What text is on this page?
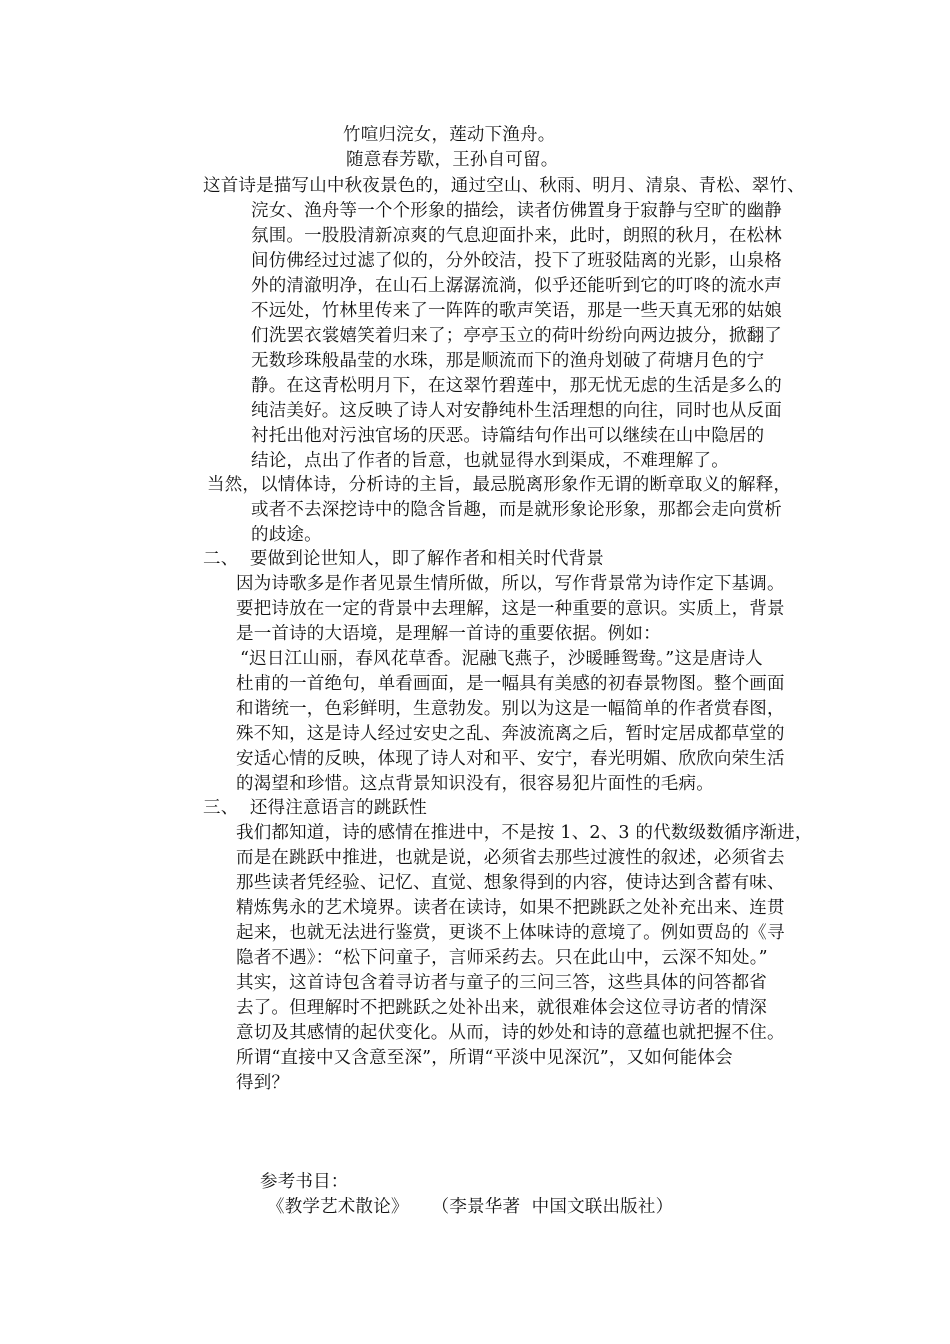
竹喧归浣女，莲动下渔舟。
随意春芳歇，王孙自可留。
这首诗是描写山中秋夜景色的，通过空山、秋雨、明月、清泉、青松、翠竹、
浣女、渔舟等一个个形象的描绘，读者仿佛置身于寂静与空旷的幽静
氛围。一股股清新凉爽的气息迎面扑来，此时，朗照的秋月，在松林
间仿佛经过过滤了似的，分外皎洁，投下了班驳陆离的光影，山泉格
外的清澈明净，在山石上潺潺流淌，似乎还能听到它的叮咚的流水声
不远处，竹林里传来了一阵阵的歌声笑语，那是一些天真无邪的姑娘
们洗罢衣裳嬉笑着归来了；亭亭玉立的荷叶纷纷向两边披分，掀翻了
无数珍珠般晶莹的水珠，那是顺流而下的渔舟划破了荷塘月色的宁
静。在这青松明月下，在这翠竹碧莲中，那无忧无虑的生活是多么的
纯洁美好。这反映了诗人对安静纯朴生活理想的向往，同时也从反面
衬托出他对污浊官场的厌恶。诗篇结句作出可以继续在山中隐居的
结论，点出了作者的旨意，也就显得水到渠成，不难理解了。
当然，以情体诗，分析诗的主旨，最忌脱离形象作无谓的断章取义的解释，
或者不去深挖诗中的隐含旨趣，而是就形象论形象，那都会走向赏析
的歧途。
二、  要做到论世知人，即了解作者和相关时代背景
因为诗歌多是作者见景生情所做，所以，写作背景常为诗作定下基调。
要把诗放在一定的背景中去理解，这是一种重要的意识。实质上，背景
是一首诗的大语境，是理解一首诗的重要依据。例如：
“迟日江山丽，春风花草香。泥融飞燕子，沙暖睡鸳鸯。”这是唐诗人
杜甫的一首绝句，单看画面，是一幅具有美感的初春景物图。整个画面
和谐统一，色彩鲜明，生意勃发。别以为这是一幅简单的作者赏春图，
殊不知，这是诗人经过安史之乱、奔波流离之后，暂时定居成都草堂的
安适心情的反映，体现了诗人对和平、安宁，春光明媚、欣欣向荣生活
的渴望和珍惜。这点背景知识没有，很容易犯片面性的毛病。
三、  还得注意语言的跳跃性
我们都知道，诗的感情在推进中，不是按 1、2、3 的代数级数循序渐进，
而是在跳跃中推进，也就是说，必须省去那些过渡性的叙述，必须省去
那些读者凭经验、记忆、直觉、想象得到的内容，使诗达到含蓄有味、
精炼隽永的艺术境界。读者在读诗，如果不把跳跃之处补充出来、连贯
起来，也就无法进行鉴赏，更谈不上体味诗的意境了。例如贾岛的《寻
隐者不遇》：“松下问童子，言师采药去。只在此山中，云深不知处。”
其实，这首诗包含着寻访者与童子的三问三答，这些具体的问答都省
去了。但理解时不把跳跃之处补出来，就很难体会这位寻访者的情深
意切及其感情的起伏变化。从而，诗的妙处和诗的意蕴也就把握不住。
所谓“直接中又含意至深”，所谓“平淡中见深沉”，又如何能体会
得到？
参考书目：
《教学艺术散论》    （李景华著  中国文联出版社）
